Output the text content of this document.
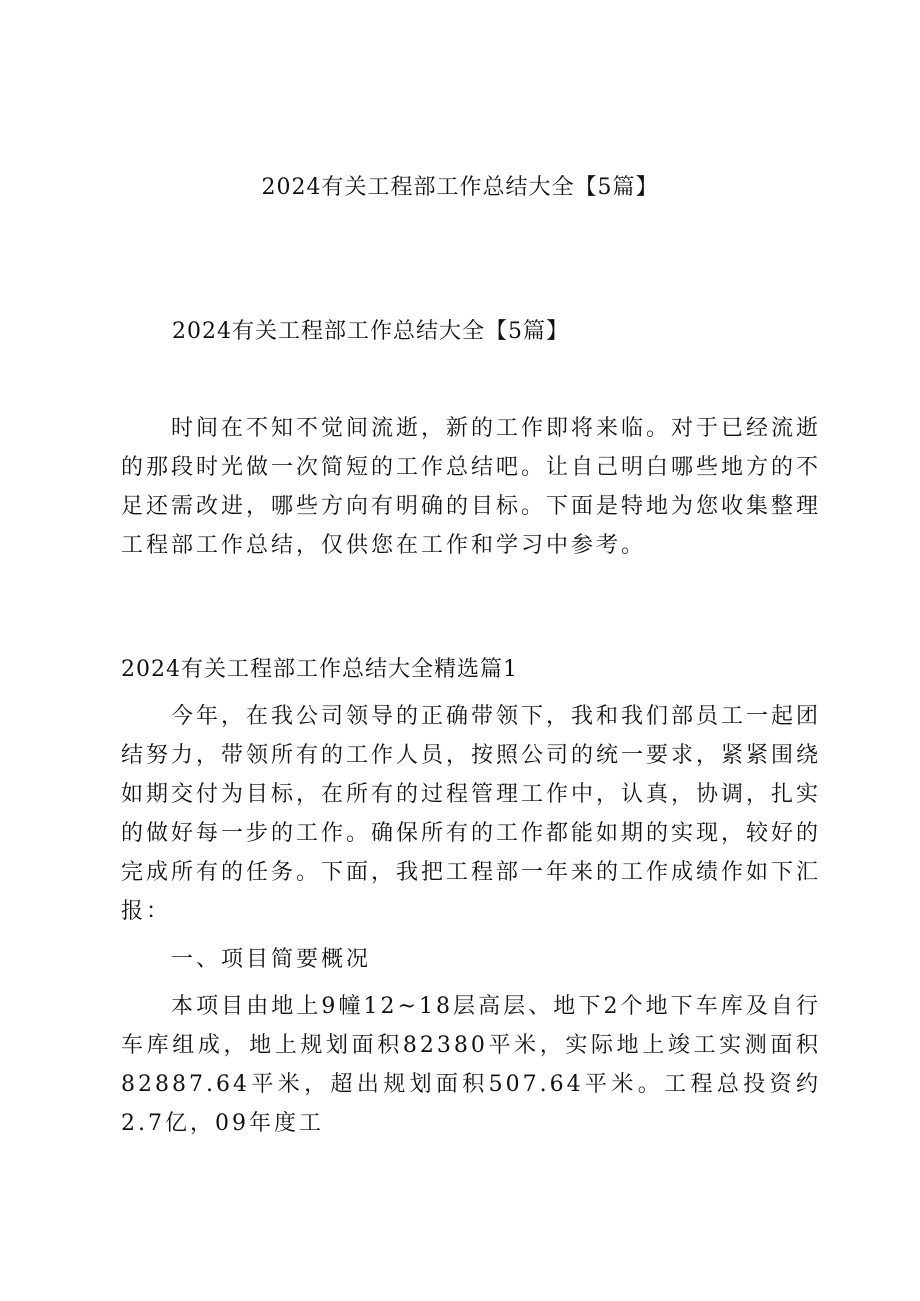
2024有关工程部工作总结大全【5篇】
2024有关工程部工作总结大全【5篇】

时间在不知不觉间流逝，新的工作即将来临。对于已经流逝的那段时光做一次简短的工作总结吧。让自己明白哪些地方的不足还需改进，哪些方向有明确的目标。下面是特地为您收集整理工程部工作总结，仅供您在工作和学习中参考。

2024有关工程部工作总结大全精选篇1

今年，在我公司领导的正确带领下，我和我们部员工一起团结努力，带领所有的工作人员，按照公司的统一要求，紧紧围绕如期交付为目标，在所有的过程管理工作中，认真，协调，扎实的做好每一步的工作。确保所有的工作都能如期的实现，较好的完成所有的任务。下面，我把工程部一年来的工作成绩作如下汇报：

一、项目简要概况

本项目由地上9幢12~18层高层、地下2个地下车库及自行车库组成，地上规划面积82380平米，实际地上竣工实测面积82887.64平米，超出规划面积507.64平米。工程总投资约2.7亿，09年度工
